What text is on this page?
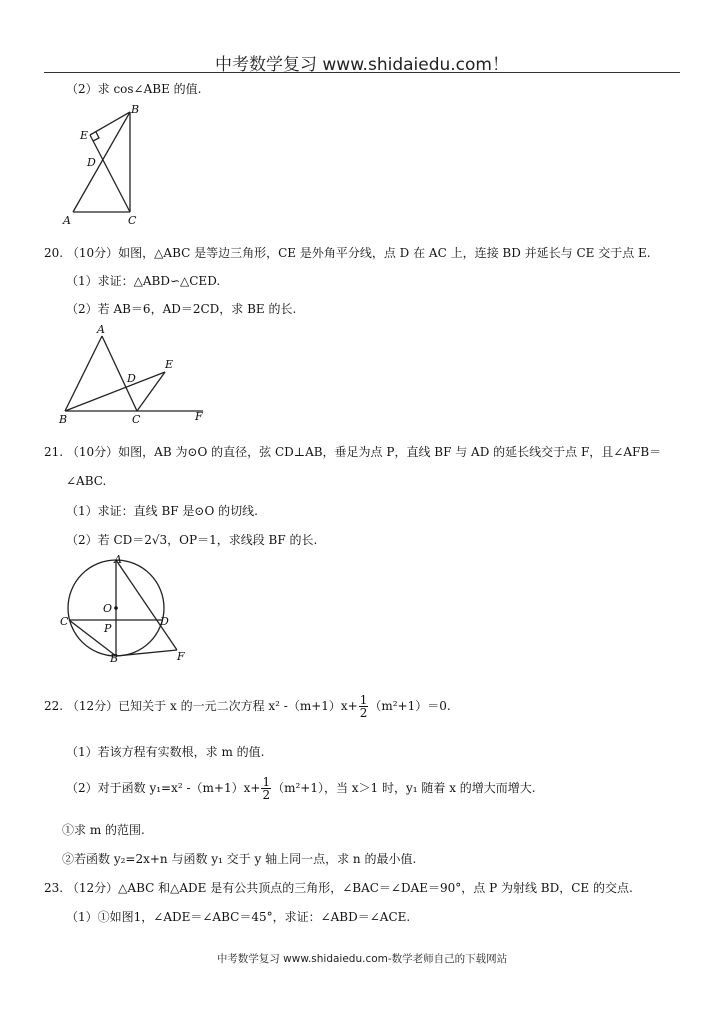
中考数学复习 www.shidaiedu.com！
（2）求 cos∠ABE 的值.
B
E
D
A	C
20. （10分）如图，△ABC 是等边三角形，CE 是外角平分线，点 D 在 AC 上，连接 BD 并延长与 CE 交于点 E.
（1）求证：△ABD∽△CED.
（2）若 AB＝6，AD＝2CD，求 BE 的长.
A
E
D
B	C	F
21. （10分）如图，AB 为⊙O 的直径，弦 CD⊥AB，垂足为点 P，直线 BF 与 AD 的延长线交于点 F，且∠AFB＝
∠ABC.
（1）求证：直线 BF 是⊙O 的切线.
（2）若 CD＝2√3，OP＝1，求线段 BF 的长.
A
O
C	D
P
B	F
22. （12分）已知关于 x 的一元二次方程 x² $-(m+1)x+ \frac{1}{2} (m^2+1)=0$.
（1）若该方程有实数根，求 m 的值.
（2）对于函数 y₁=x² $-(m+1)x+ \frac{1}{2} (m^2+1)$，当 x＞1 时，y₁ 随着 x 的增大而增大.
①求 m 的范围.
②若函数 y₂=2x+n 与函数 y₁ 交于 y 轴上同一点，求 n 的最小值.
23. （12分）△ABC 和△ADE 是有公共顶点的三角形，∠BAC＝∠DAE＝90°，点 P 为射线 BD，CE 的交点.
（1）①如图1，∠ADE＝∠ABC＝45°，求证：∠ABD＝∠ACE.
中考数学复习 www.shidaiedu.com-数学老师自己的下载网站
